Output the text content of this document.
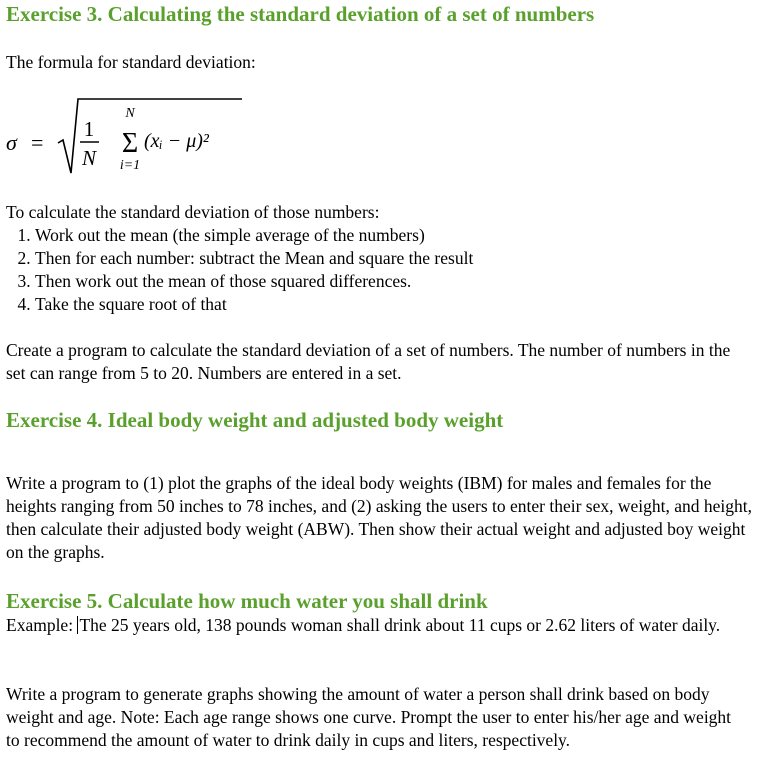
Exercise 3. Calculating the standard deviation of a set of numbers

The formula for standard deviation:

σ =
1
N
N
Σ
i=1
(xᵢ − μ)²

To calculate the standard deviation of those numbers:

1. Work out the mean (the simple average of the numbers)
2. Then for each number: subtract the Mean and square the result
3. Then work out the mean of those squared differences.
4. Take the square root of that

Create a program to calculate the standard deviation of a set of numbers. The number of numbers in the set can range from 5 to 20. Numbers are entered in a set.

Exercise 4. Ideal body weight and adjusted body weight

Write a program to (1) plot the graphs of the ideal body weights (IBM) for males and females for the heights ranging from 50 inches to 78 inches, and (2) asking the users to enter their sex, weight, and height, then calculate their adjusted body weight (ABW). Then show their actual weight and adjusted boy weight on the graphs.

Exercise 5. Calculate how much water you shall drink

Example: The 25 years old, 138 pounds woman shall drink about 11 cups or 2.62 liters of water daily.

Write a program to generate graphs showing the amount of water a person shall drink based on body weight and age. Note: Each age range shows one curve. Prompt the user to enter his/her age and weight to recommend the amount of water to drink daily in cups and liters, respectively.
